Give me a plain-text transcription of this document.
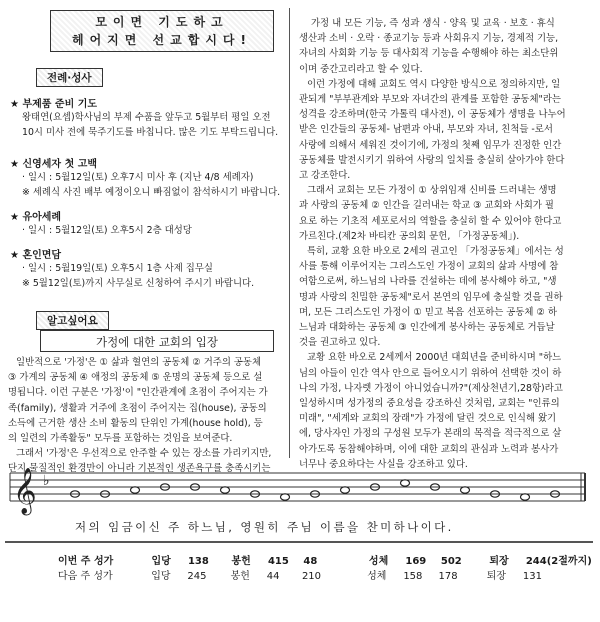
모이면 기도하고
헤어지면 선교합시다!
전례·성사
★ 부제품 준비 기도
왕태연(요셉)학사님의 부제 수품을 앞두고 5월부터 평일 오전
10시 미사 전에 묵주기도를 바칩니다. 많은 기도 부탁드립니다.
★ 신영세자 첫 고백
· 일시 : 5월12일(토) 오후7시 미사 후 (지난 4/8 세례자)
※ 세례식 사진 배부 예정이오니 빠짐없이 참석하시기 바랍니다.
★ 유아세례
· 일시 : 5월12일(토) 오후5시 2층 대성당
★ 혼인면담
· 일시 : 5월19일(토) 오후5시 1층 사제 집무실
※ 5월12일(토)까지 사무실로 신청하여 주시기 바랍니다.
알고싶어요
가정에 대한 교회의 입장
일반적으로 '가정'은 ① 삶과 혈연의 공동체 ② 거주의 공동체
③ 가계의 공동체 ④ 애정의 공동체 ⑤ 운명의 공동체 등으로 설
명됩니다. 이런 구분은 '가정'이 "인간관계에 초점이 주어지는 가
족(family), 생활과 거주에 초점이 주어지는 집(house), 공동의
소득에 근거한 생산 소비 활동의 단위인 가계(house hold), 등
의 일련의 가족활동" 모두를 포함하는 것임을 보여준다.
그래서 '가정'은 우선적으로 안주할 수 있는 장소를 가리키지만,
단지 물질적인 환경만이 아니라 기본적인 생존욕구를 충족시키는
가정 내 모든 기능, 즉 성과 생식 · 양육 및 교육 · 보호 · 휴식
생산과 소비 · 오락 · 종교기능 등과 사회유지 기능, 경제적 기능,
자녀의 사회화 기능 등 대사회적 기능을 수행해야 하는 최소단위
이며 중간고리라고 할 수 있다.
이런 가정에 대해 교회도 역시 다양한 방식으로 정의하지만, 일
관되게 "부부관계와 부모와 자녀간의 관계를 포함한 공동체"라는
성격을 강조하며(한국 가톨릭 대사전), 이 공동체가 생명을 나누어
받은 인간들의 공동체- 남편과 아내, 부모와 자녀, 친척들 -로서
사랑에 의해서 세워진 것이기에, 가정의 첫째 임무가 진정한 인간
공동체를 발전시키기 위하여 사랑의 일치를 충실히 살아가야 한다
고 강조한다.
그래서 교회는 모든 가정이 ① 상위임재 신비를 드러내는 생명
과 사랑의 공동체 ② 인간을 길러내는 학교 ③ 교회와 사회가 필
요로 하는 기초적 세포로서의 역할을 충실히 할 수 있어야 한다고
가르친다.(제2차 바티칸 공의회 문헌, 「가정공동체」).
특히, 교황 요한 바오로 2세의 권고인 「가정공동체」에서는 성
사를 통해 이루어지는 그리스도인 가정이 교회의 삶과 사명에 참
여함으로써, 하느님의 나라를 건설하는 데에 봉사해야 하고, "생
명과 사랑의 친밀한 공동체"로서 본연의 임무에 충실할 것을 권하
며, 모든 그리스도인 가정이 ① 믿고 복음 선포하는 공동체 ② 하
느님과 대화하는 공동체 ③ 인간에게 봉사하는 공동체로 거듭날
것을 권고하고 있다.
교황 요한 바오로 2세께서 2000년 대희년을 준비하시며 "하느
님의 아들이 인간 역사 안으로 들어오시기 위하여 선택한 것이 하
나의 가정, 나자렛 가정이 아니었습니까?"(제상천년기,28항)라고
일성하시며 성가정의 중요성을 강조하신 것처럼, 교회는 "인류의
미래", "세계와 교회의 장래"가 가정에 달린 것으로 인식해 왔기
에, 당사자인 가정의 구성원 모두가 본래의 목적을 적극적으로 살
아가도록 동참해야하며, 이에 대한 교회의 관심과 노력과 봉사가
너무나 중요하다는 사실을 강조하고 있다.
𝄞 ♭
저의 임금이신 주 하느님, 영원히 주님 이름을 찬미하나이다.
이번 주 성가	입당 138 봉헌 415 48	성체 169 502	퇴장 244(2절까지)
다음 주 성가	입당 245 봉헌 44 210	성체 158 178	퇴장 131
